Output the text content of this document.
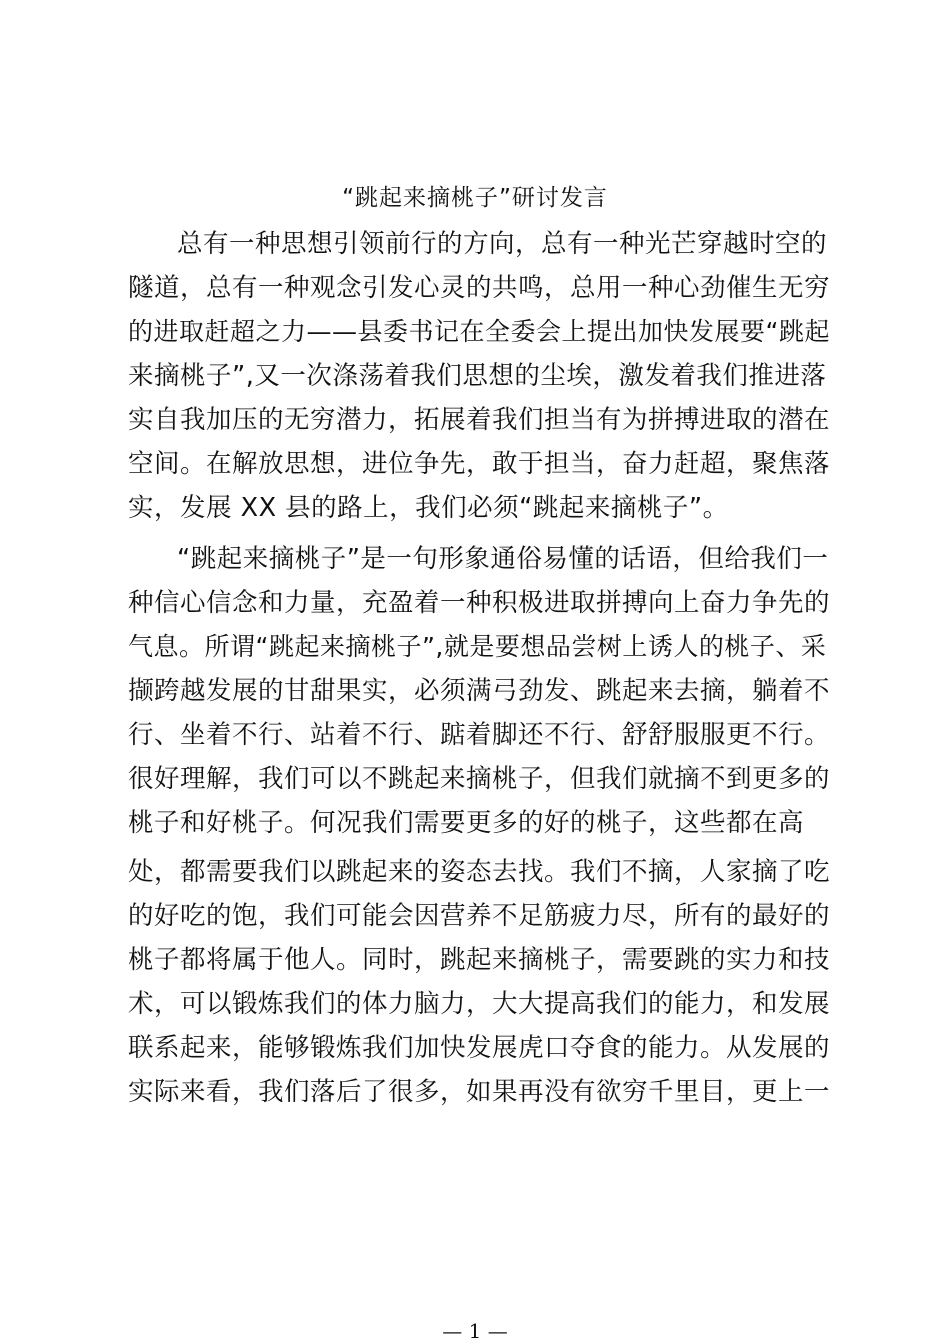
“跳起来摘桃子”研讨发言
总有一种思想引领前行的方向，总有一种光芒穿越时空的
隧道，总有一种观念引发心灵的共鸣，总用一种心劲催生无穷
的进取赶超之力——县委书记在全委会上提出加快发展要“跳起
来摘桃子”,又一次涤荡着我们思想的尘埃，激发着我们推进落
实自我加压的无穷潜力，拓展着我们担当有为拼搏进取的潜在
空间。在解放思想，进位争先，敢于担当，奋力赶超，聚焦落
实，发展 XX 县的路上，我们必须“跳起来摘桃子”。
“跳起来摘桃子”是一句形象通俗易懂的话语，但给我们一
种信心信念和力量，充盈着一种积极进取拼搏向上奋力争先的
气息。所谓“跳起来摘桃子”,就是要想品尝树上诱人的桃子、采
撷跨越发展的甘甜果实，必须满弓劲发、跳起来去摘，躺着不
行、坐着不行、站着不行、踮着脚还不行、舒舒服服更不行。
很好理解，我们可以不跳起来摘桃子，但我们就摘不到更多的
桃子和好桃子。何况我们需要更多的好的桃子，这些都在高
处，都需要我们以跳起来的姿态去找。我们不摘，人家摘了吃
的好吃的饱，我们可能会因营养不足筋疲力尽，所有的最好的
桃子都将属于他人。同时，跳起来摘桃子，需要跳的实力和技
术，可以锻炼我们的体力脑力，大大提高我们的能力，和发展
联系起来，能够锻炼我们加快发展虎口夺食的能力。从发展的
实际来看，我们落后了很多，如果再没有欲穷千里目，更上一
— 1 —
